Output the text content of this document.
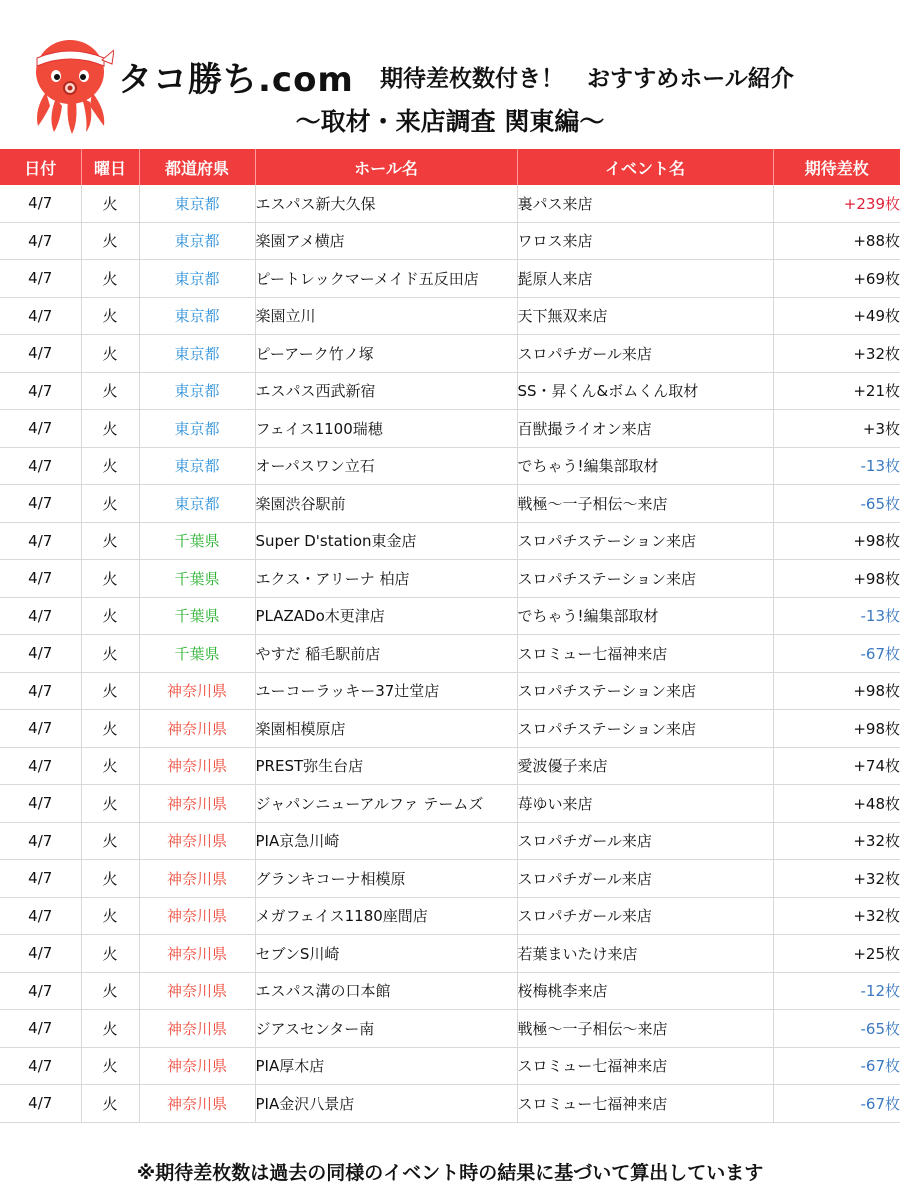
タコ勝ち.com 期待差枚数付き！　おすすめホール紹介
〜取材・来店調査 関東編〜
日付	曜日	都道府県	ホール名	イベント名	期待差枚
4/7	火	東京都	エスパス新大久保	裏パス来店	+239枚
4/7	火	東京都	楽園アメ横店	ワロス来店	+88枚
4/7	火	東京都	ピートレックマーメイド五反田店	髭原人来店	+69枚
4/7	火	東京都	楽園立川	天下無双来店	+49枚
4/7	火	東京都	ピーアーク竹ノ塚	スロパチガール来店	+32枚
4/7	火	東京都	エスパス西武新宿	SS・昇くん&ボムくん取材	+21枚
4/7	火	東京都	フェイス1100瑞穂	百獣撮ライオン来店	+3枚
4/7	火	東京都	オーパスワン立石	でちゃう!編集部取材	-13枚
4/7	火	東京都	楽園渋谷駅前	戦極〜一子相伝〜来店	-65枚
4/7	火	千葉県	Super D'station東金店	スロパチステーション来店	+98枚
4/7	火	千葉県	エクス・アリーナ 柏店	スロパチステーション来店	+98枚
4/7	火	千葉県	PLAZADo木更津店	でちゃう!編集部取材	-13枚
4/7	火	千葉県	やすだ 稲毛駅前店	スロミュー七福神来店	-67枚
4/7	火	神奈川県	ユーコーラッキー37辻堂店	スロパチステーション来店	+98枚
4/7	火	神奈川県	楽園相模原店	スロパチステーション来店	+98枚
4/7	火	神奈川県	PREST弥生台店	愛波優子来店	+74枚
4/7	火	神奈川県	ジャパンニューアルファ テームズ	苺ゆい来店	+48枚
4/7	火	神奈川県	PIA京急川崎	スロパチガール来店	+32枚
4/7	火	神奈川県	グランキコーナ相模原	スロパチガール来店	+32枚
4/7	火	神奈川県	メガフェイス1180座間店	スロパチガール来店	+32枚
4/7	火	神奈川県	セブンS川崎	若葉まいたけ来店	+25枚
4/7	火	神奈川県	エスパス溝の口本館	桜梅桃李来店	-12枚
4/7	火	神奈川県	ジアスセンター南	戦極〜一子相伝〜来店	-65枚
4/7	火	神奈川県	PIA厚木店	スロミュー七福神来店	-67枚
4/7	火	神奈川県	PIA金沢八景店	スロミュー七福神来店	-67枚
※期待差枚数は過去の同様のイベント時の結果に基づいて算出しています
